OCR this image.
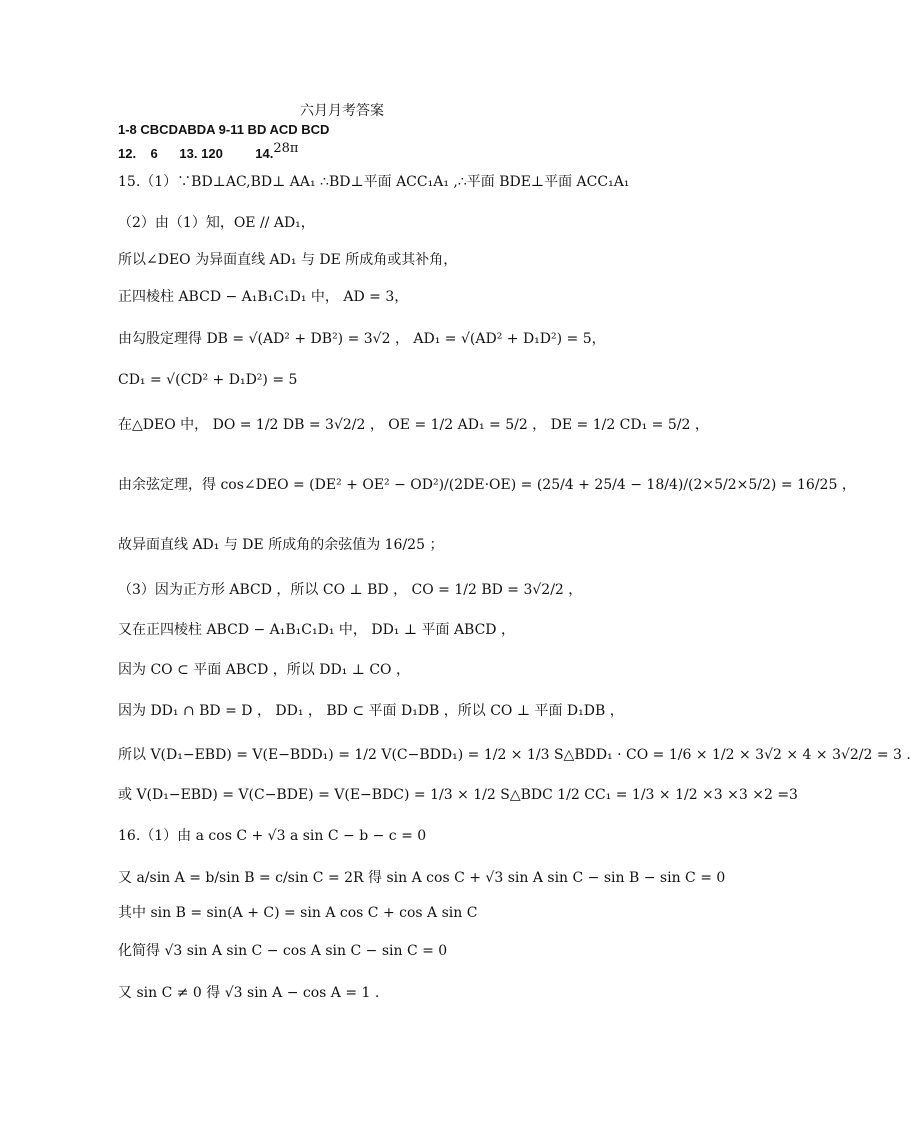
六月月考答案
1-8 CBCDABDA 9-11 BD ACD BCD
12.    6      13. 120         14.28π
15.（1）∵BD⊥AC,BD⊥ AA₁ ∴BD⊥平面 ACC₁A₁ ,∴平面 BDE⊥平面 ACC₁A₁
（2）由（1）知，OE // AD₁，
所以∠DEO 为异面直线 AD₁ 与 DE 所成角或其补角，
正四棱柱 ABCD − A₁B₁C₁D₁ 中， AD = 3，
由勾股定理得 DB = √(AD² + DB²) = 3√2 ， AD₁ = √(AD² + D₁D²) = 5，
CD₁ = √(CD² + D₁D²) = 5
在△DEO 中， DO = 1/2 DB = 3√2/2 ， OE = 1/2 AD₁ = 5/2 ， DE = 1/2 CD₁ = 5/2 ，
由余弦定理，得 cos∠DEO = (DE² + OE² − OD²)/(2DE·OE) = (25/4 + 25/4 − 18/4)/(2×5/2×5/2) = 16/25 ，
故异面直线 AD₁ 与 DE 所成角的余弦值为 16/25 ；
（3）因为正方形 ABCD ，所以 CO ⊥ BD ， CO = 1/2 BD = 3√2/2 ，
又在正四棱柱 ABCD − A₁B₁C₁D₁ 中， DD₁ ⊥ 平面 ABCD ，
因为 CO ⊂ 平面 ABCD ，所以 DD₁ ⊥ CO ，
因为 DD₁ ∩ BD = D ， DD₁ ， BD ⊂ 平面 D₁DB ，所以 CO ⊥ 平面 D₁DB ，
所以 V(D₁−EBD) = V(E−BDD₁) = 1/2 V(C−BDD₁) = 1/2 × 1/3 S△BDD₁ · CO = 1/6 × 1/2 × 3√2 × 4 × 3√2/2 = 3 .
或 V(D₁−EBD) = V(C−BDE) = V(E−BDC) = 1/3 × 1/2 S△BDC 1/2 CC₁ = 1/3 × 1/2 ×3 ×3 ×2 =3
16.（1）由 a cos C + √3 a sin C − b − c = 0
又 a/sin A = b/sin B = c/sin C = 2R 得 sin A cos C + √3 sin A sin C − sin B − sin C = 0
其中 sin B = sin(A + C) = sin A cos C + cos A sin C
化简得 √3 sin A sin C − cos A sin C − sin C = 0
又 sin C ≠ 0 得 √3 sin A − cos A = 1 .
